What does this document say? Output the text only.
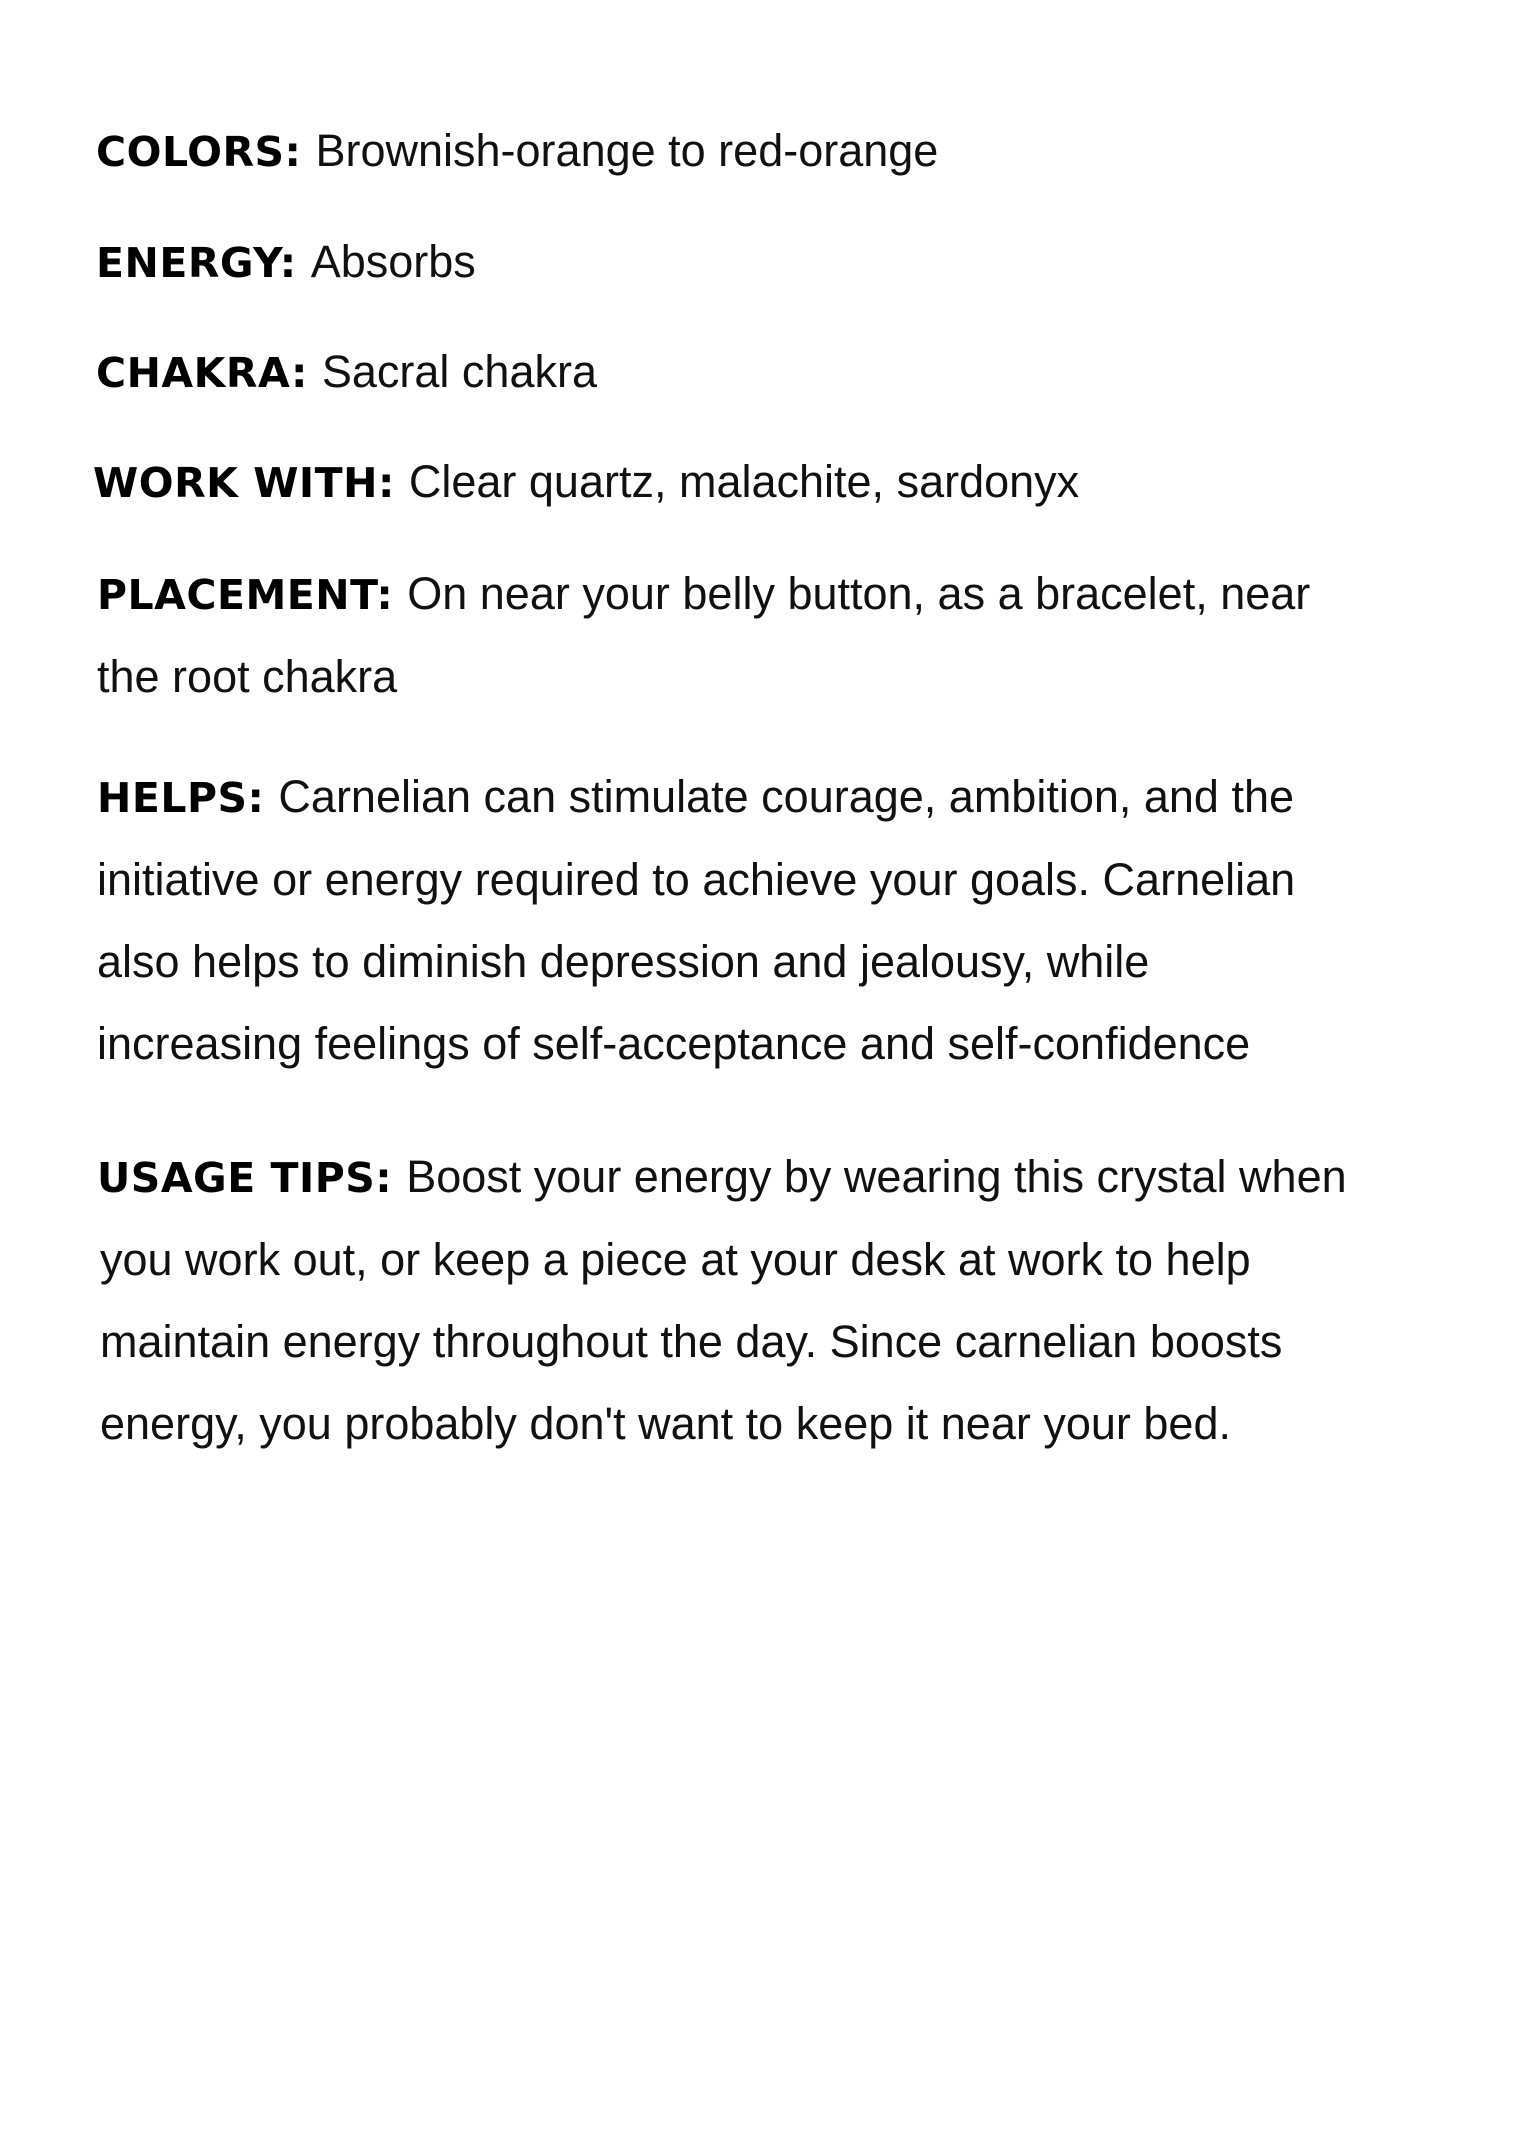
COLORS: Brownish-orange to red-orange
ENERGY: Absorbs
CHAKRA: Sacral chakra
WORK WITH: Clear quartz, malachite, sardonyx
PLACEMENT: On near your belly button, as a bracelet, near
the root chakra
HELPS: Carnelian can stimulate courage, ambition, and the
initiative or energy required to achieve your goals. Carnelian
also helps to diminish depression and jealousy, while
increasing feelings of self-acceptance and self-confidence
USAGE TIPS: Boost your energy by wearing this crystal when
you work out, or keep a piece at your desk at work to help
maintain energy throughout the day. Since carnelian boosts
energy, you probably don't want to keep it near your bed.
